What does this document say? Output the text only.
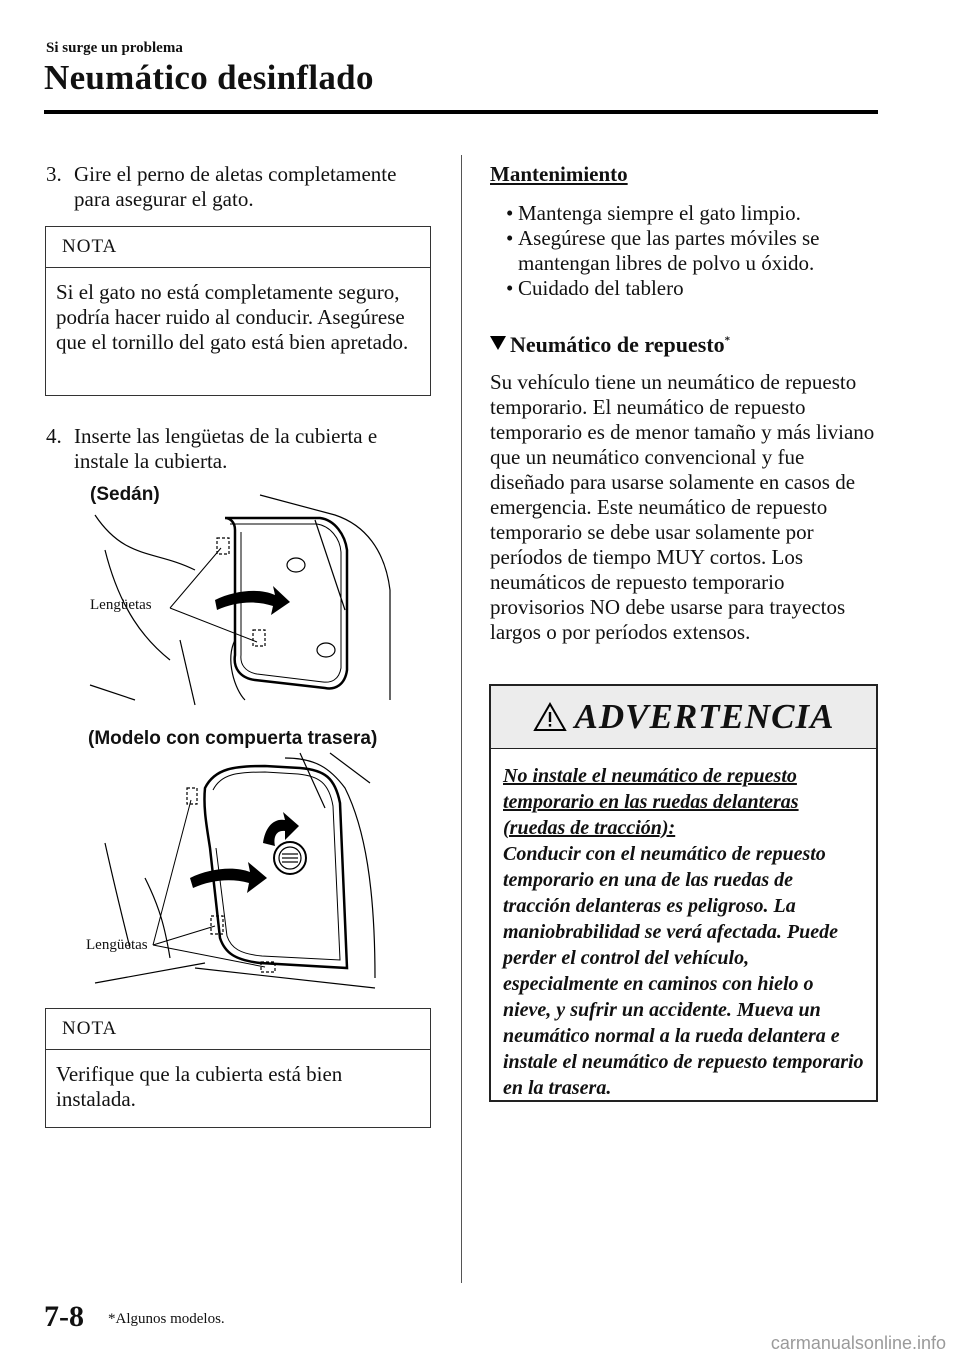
Si surge un problema
Neumático desinflado
3. Gire el perno de aletas completamente
para asegurar el gato.
NOTA
Si el gato no está completamente seguro, podría hacer ruido al conducir. Asegúrese que el tornillo del gato está bien apretado.
4. Inserte las lengüetas de la cubierta e
instale la cubierta.
(Sedán)
Lengüetas
(Modelo con compuerta trasera)
Lengüetas
NOTA
Verifique que la cubierta está bien instalada.
Mantenimiento
• Mantenga siempre el gato limpio.
• Asegúrese que las partes móviles se mantengan libres de polvo u óxido.
• Cuidado del tablero
Neumático de repuesto*
Su vehículo tiene un neumático de repuesto temporario. El neumático de repuesto temporario es de menor tamaño y más liviano que un neumático convencional y fue diseñado para usarse solamente en casos de emergencia. Este neumático de repuesto temporario se debe usar solamente por períodos de tiempo MUY cortos. Los neumáticos de repuesto temporario provisorios NO debe usarse para trayectos largos o por períodos extensos.
ADVERTENCIA
No instale el neumático de repuesto temporario en las ruedas delanteras (ruedas de tracción):
Conducir con el neumático de repuesto temporario en una de las ruedas de tracción delanteras es peligroso. La maniobrabilidad se verá afectada. Puede perder el control del vehículo, especialmente en caminos con hielo o nieve, y sufrir un accidente. Mueva un neumático normal a la rueda delantera e instale el neumático de repuesto temporario en la trasera.
7-8 *Algunos modelos.
carmanualsonline.info
